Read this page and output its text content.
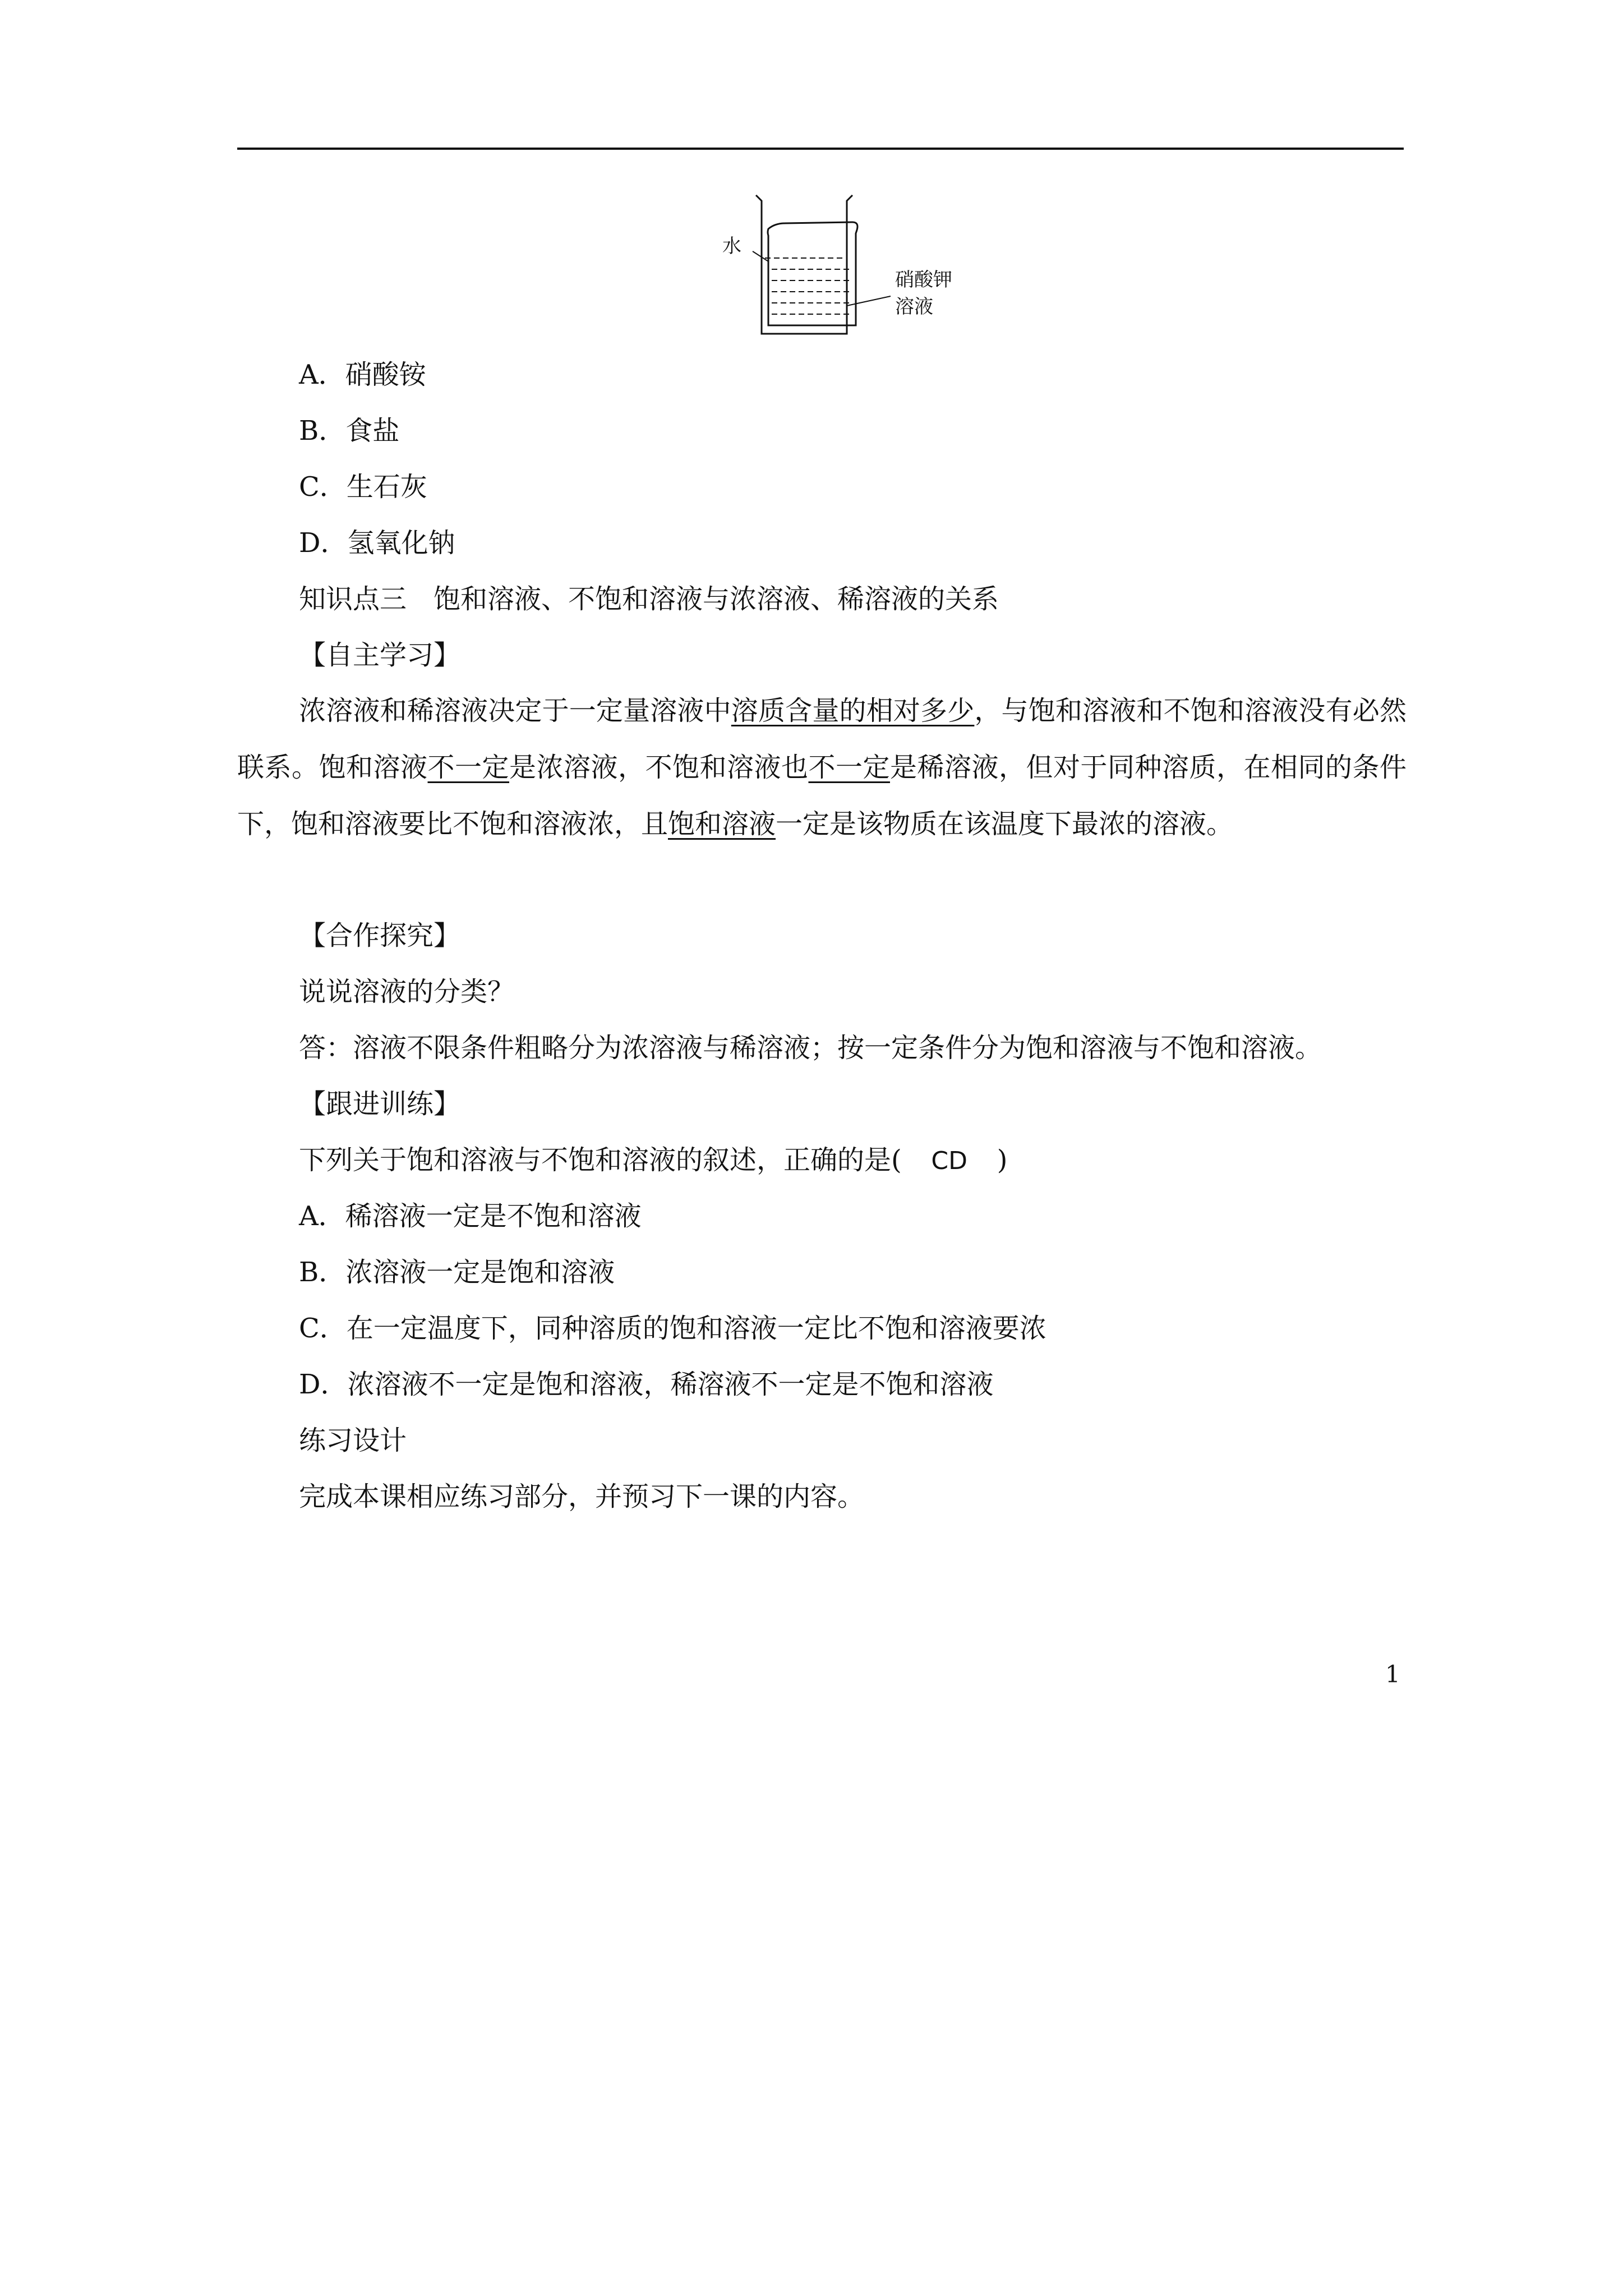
水
硝酸钾
溶液
A．硝酸铵
B．食盐
C．生石灰
D．氢氧化钠
知识点三　饱和溶液、不饱和溶液与浓溶液、稀溶液的关系
【自主学习】
浓溶液和稀溶液决定于一定量溶液中溶质含量的相对多少，与饱和溶液和不饱和溶液没有必然联系。饱和溶液不一定是浓溶液，不饱和溶液也不一定是稀溶液，但对于同种溶质，在相同的条件下，饱和溶液要比不饱和溶液浓，且饱和溶液一定是该物质在该温度下最浓的溶液。
【合作探究】
说说溶液的分类？
答：溶液不限条件粗略分为浓溶液与稀溶液；按一定条件分为饱和溶液与不饱和溶液。
【跟进训练】
下列关于饱和溶液与不饱和溶液的叙述，正确的是( CD )
A．稀溶液一定是不饱和溶液
B．浓溶液一定是饱和溶液
C．在一定温度下，同种溶质的饱和溶液一定比不饱和溶液要浓
D．浓溶液不一定是饱和溶液，稀溶液不一定是不饱和溶液
练习设计
完成本课相应练习部分，并预习下一课的内容。
1
